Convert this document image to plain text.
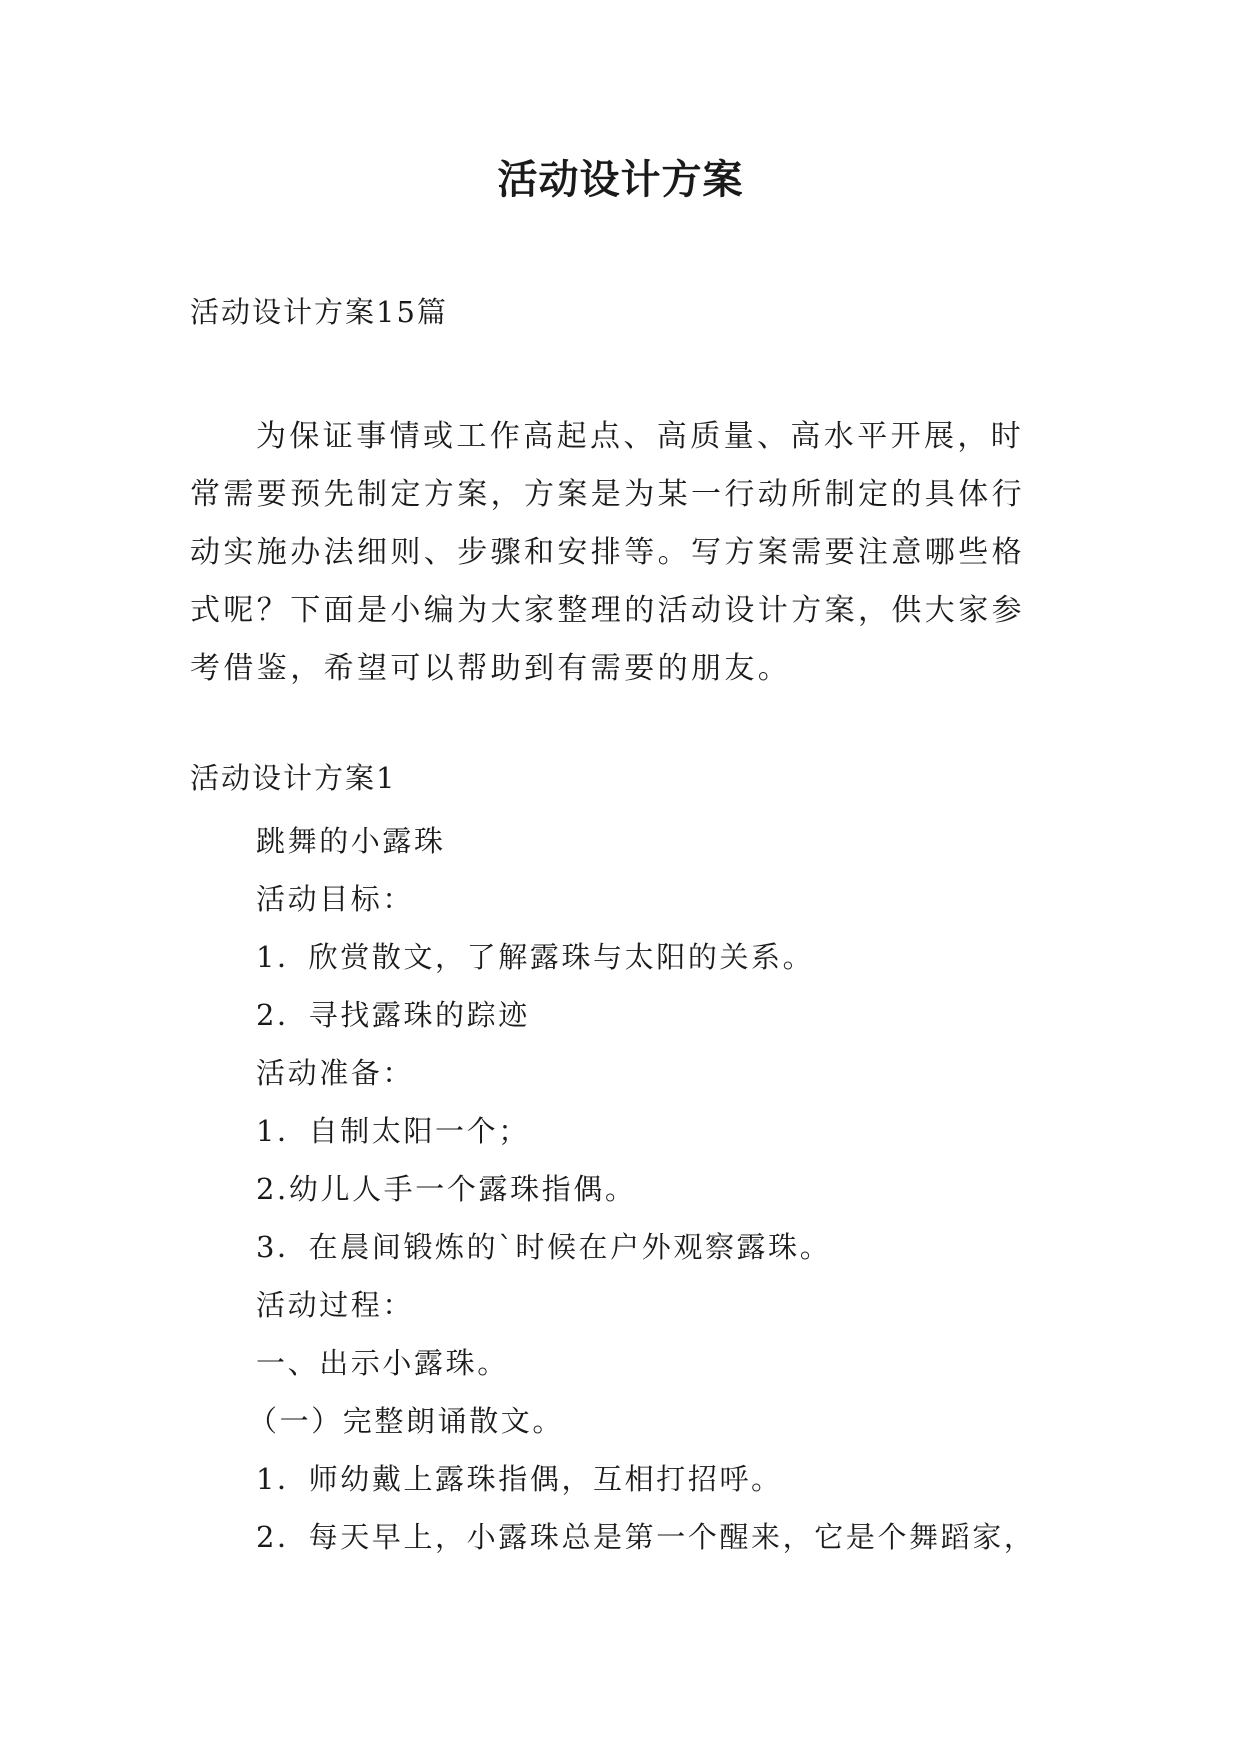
活动设计方案
活动设计方案15篇

为保证事情或工作高起点、高质量、高水平开展，时常需要预先制定方案，方案是为某一行动所制定的具体行动实施办法细则、步骤和安排等。写方案需要注意哪些格式呢？下面是小编为大家整理的活动设计方案，供大家参考借鉴，希望可以帮助到有需要的朋友。

活动设计方案1
跳舞的小露珠
活动目标：
1．欣赏散文，了解露珠与太阳的关系。
2．寻找露珠的踪迹
活动准备：
1．自制太阳一个；
2.幼儿人手一个露珠指偶。
3．在晨间锻炼的`时候在户外观察露珠。
活动过程：
一、出示小露珠。
（一）完整朗诵散文。
1．师幼戴上露珠指偶，互相打招呼。
2．每天早上，小露珠总是第一个醒来，它是个舞蹈家，
